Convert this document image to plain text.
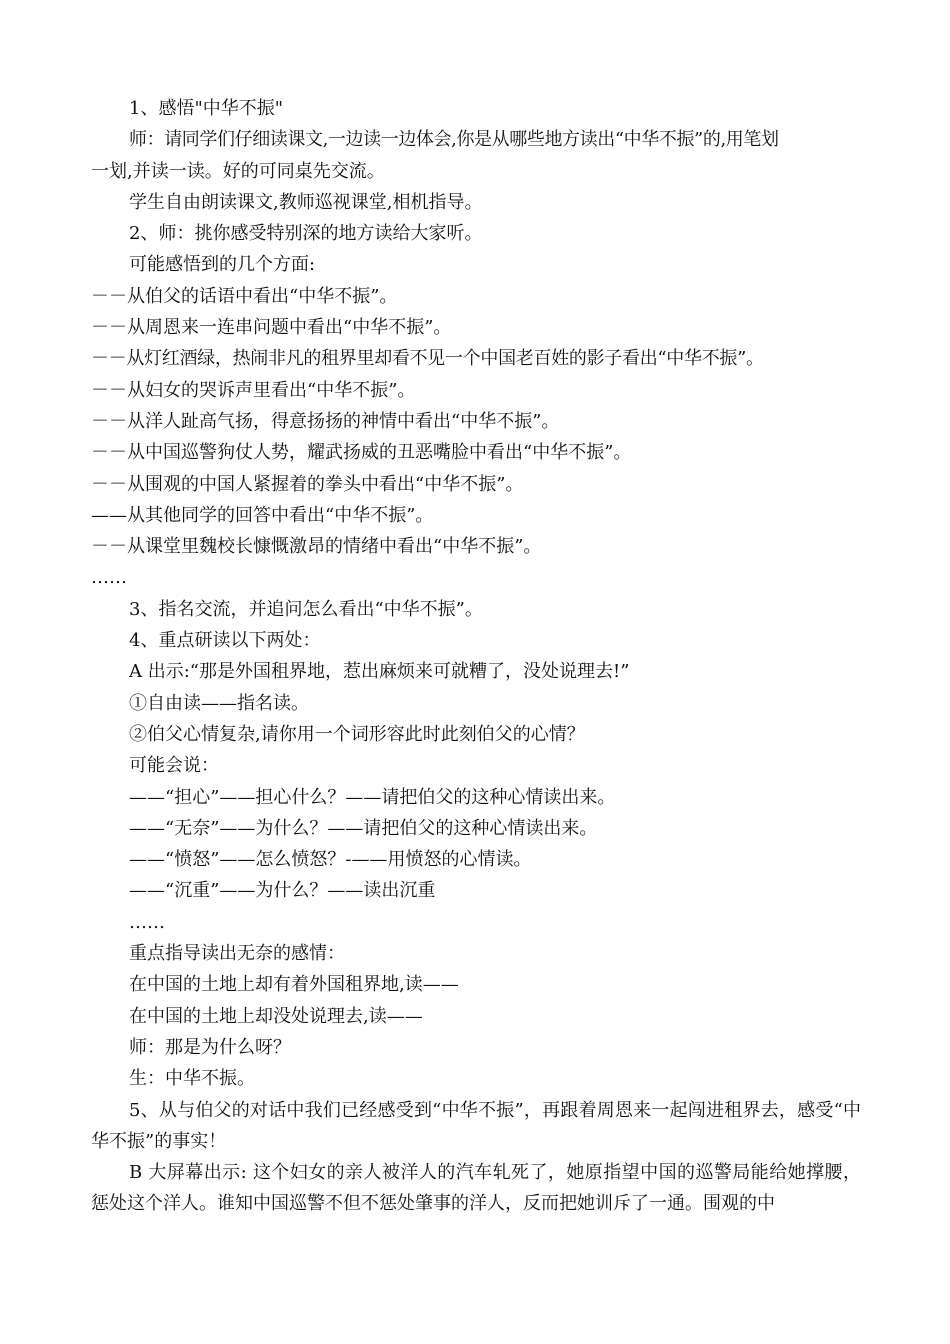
1、感悟"中华不振"
师：请同学们仔细读课文,一边读一边体会,你是从哪些地方读出“中华不振”的,用笔划
一划,并读一读。好的可同桌先交流。
学生自由朗读课文,教师巡视课堂,相机指导。
2、师：挑你感受特别深的地方读给大家听。
可能感悟到的几个方面:
－－从伯父的话语中看出“中华不振”。
－－从周恩来一连串问题中看出“中华不振”。
－－从灯红酒绿，热闹非凡的租界里却看不见一个中国老百姓的影子看出“中华不振”。
－－从妇女的哭诉声里看出“中华不振”。
－－从洋人趾高气扬，得意扬扬的神情中看出“中华不振”。
－－从中国巡警狗仗人势，耀武扬威的丑恶嘴脸中看出“中华不振”。
－－从围观的中国人紧握着的拳头中看出“中华不振”。
——从其他同学的回答中看出“中华不振”。
－－从课堂里魏校长慷慨激昂的情绪中看出“中华不振”。
……
3、指名交流，并追问怎么看出“中华不振”。
4、重点研读以下两处：
A 出示:“那是外国租界地，惹出麻烦来可就糟了，没处说理去!”
①自由读——指名读。
②伯父心情复杂,请你用一个词形容此时此刻伯父的心情？
可能会说：
——“担心”——担心什么？——请把伯父的这种心情读出来。
——“无奈”——为什么？——请把伯父的这种心情读出来。
——“愤怒”——怎么愤怒？-——用愤怒的心情读。
——“沉重”——为什么？——读出沉重
……
重点指导读出无奈的感情：
在中国的土地上却有着外国租界地,读——
在中国的土地上却没处说理去,读——
师：那是为什么呀？
生：中华不振。
5、从与伯父的对话中我们已经感受到“中华不振”，再跟着周恩来一起闯进租界去，感受“中华不振”的事实！
B 大屏幕出示: 这个妇女的亲人被洋人的汽车轧死了，她原指望中国的巡警局能给她撑腰，惩处这个洋人。谁知中国巡警不但不惩处肇事的洋人，反而把她训斥了一通。围观的中
